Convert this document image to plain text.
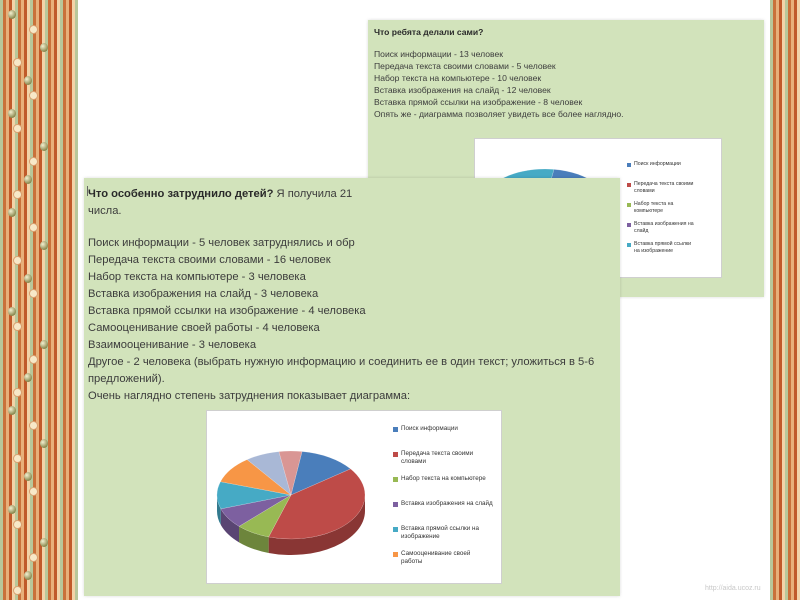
Что ребята делали сами?
Поиск информации - 13 человек
Передача текста своими словами - 5 человек
Набор текста на компьютере - 10 человек
Вставка изображения на слайд - 12 человек
Вставка прямой ссылки на изображение - 8 человек
Опять же - диаграмма позволяет увидеть все более наглядно.
Поиск информации
Передача текста своими словами
Набор текста на компьютере
Вставка изображения на слайд
Вставка прямой ссылки на изображение
Что особенно затруднило детей? Я получила 21
числа.
Поиск информации - 5 человек затруднялись и обр
Передача текста своими словами - 16 человек
Набор текста на компьютере - 3 человека
Вставка изображения на слайд - 3 человека
Вставка прямой ссылки на изображение - 4 человека
Самооценивание своей работы - 4 человека
Взаимооценивание - 3 человека
Другое - 2 человека (выбрать нужную информацию и соединить ее в один текст; уложиться в 5-6
предложений).
Очень наглядно степень затруднения показывает диаграмма:
Поиск информации
Передача текста своими словами
Набор текста на компьютере
Вставка изображения на слайд
Вставка прямой ссылки на изображение
Самооценивание своей работы
http://aida.ucoz.ru
